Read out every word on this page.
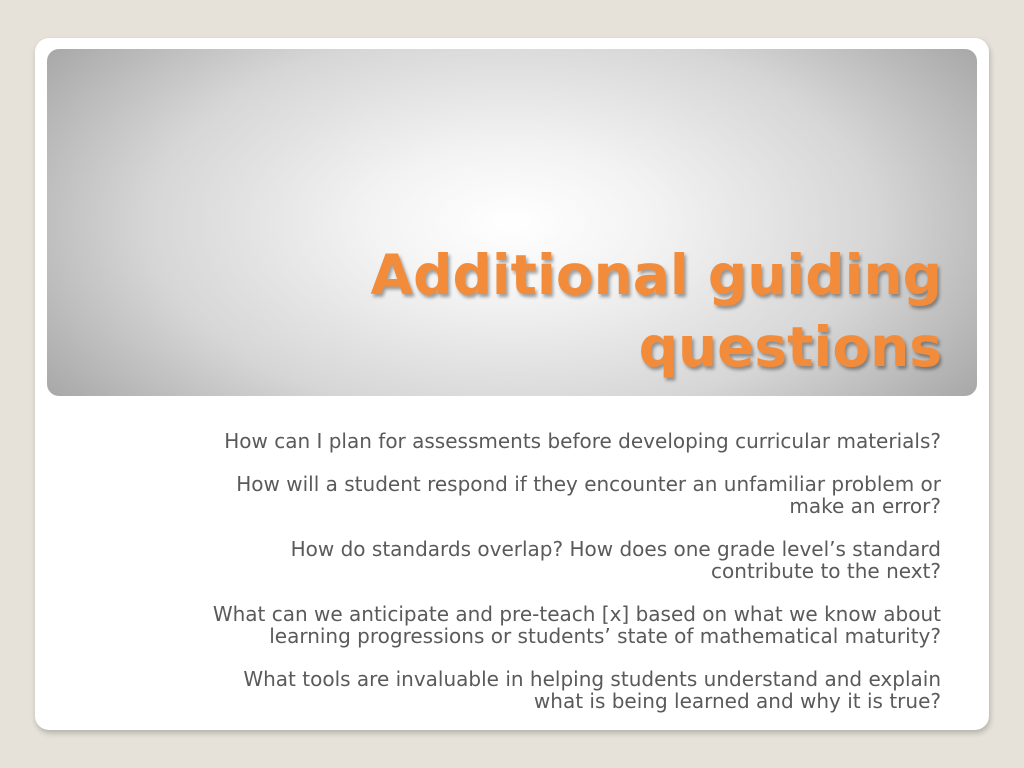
Additional guiding
questions

How can I plan for assessments before developing curricular materials?

How will a student respond if they encounter an unfamiliar problem or
make an error?

How do standards overlap? How does one grade level’s standard
contribute to the next?

What can we anticipate and pre-teach [x] based on what we know about
learning progressions or students’ state of mathematical maturity?

What tools are invaluable in helping students understand and explain
what is being learned and why it is true?
